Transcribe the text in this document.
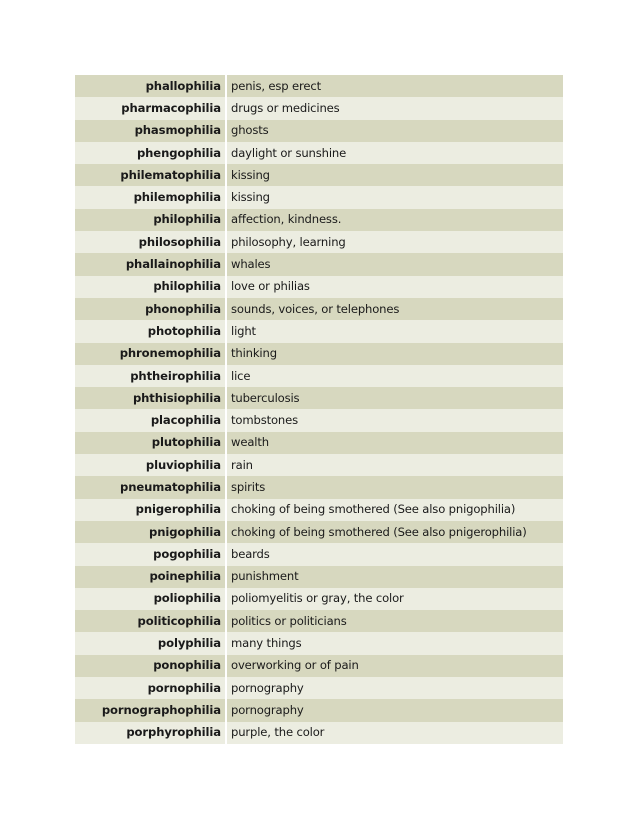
phallophilia	penis, esp erect
pharmacophilia	drugs or medicines
phasmophilia	ghosts
phengophilia	daylight or sunshine
philematophilia	kissing
philemophilia	kissing
philophilia	affection, kindness.
philosophilia	philosophy, learning
phallainophilia	whales
philophilia	love or philias
phonophilia	sounds, voices, or telephones
photophilia	light
phronemophilia	thinking
phtheirophilia	lice
phthisiophilia	tuberculosis
placophilia	tombstones
plutophilia	wealth
pluviophilia	rain
pneumatophilia	spirits
pnigerophilia	choking of being smothered (See also pnigophilia)
pnigophilia	choking of being smothered (See also pnigerophilia)
pogophilia	beards
poinephilia	punishment
poliophilia	poliomyelitis or gray, the color
politicophilia	politics or politicians
polyphilia	many things
ponophilia	overworking or of pain
pornophilia	pornography
pornographophilia	pornography
porphyrophilia	purple, the color
